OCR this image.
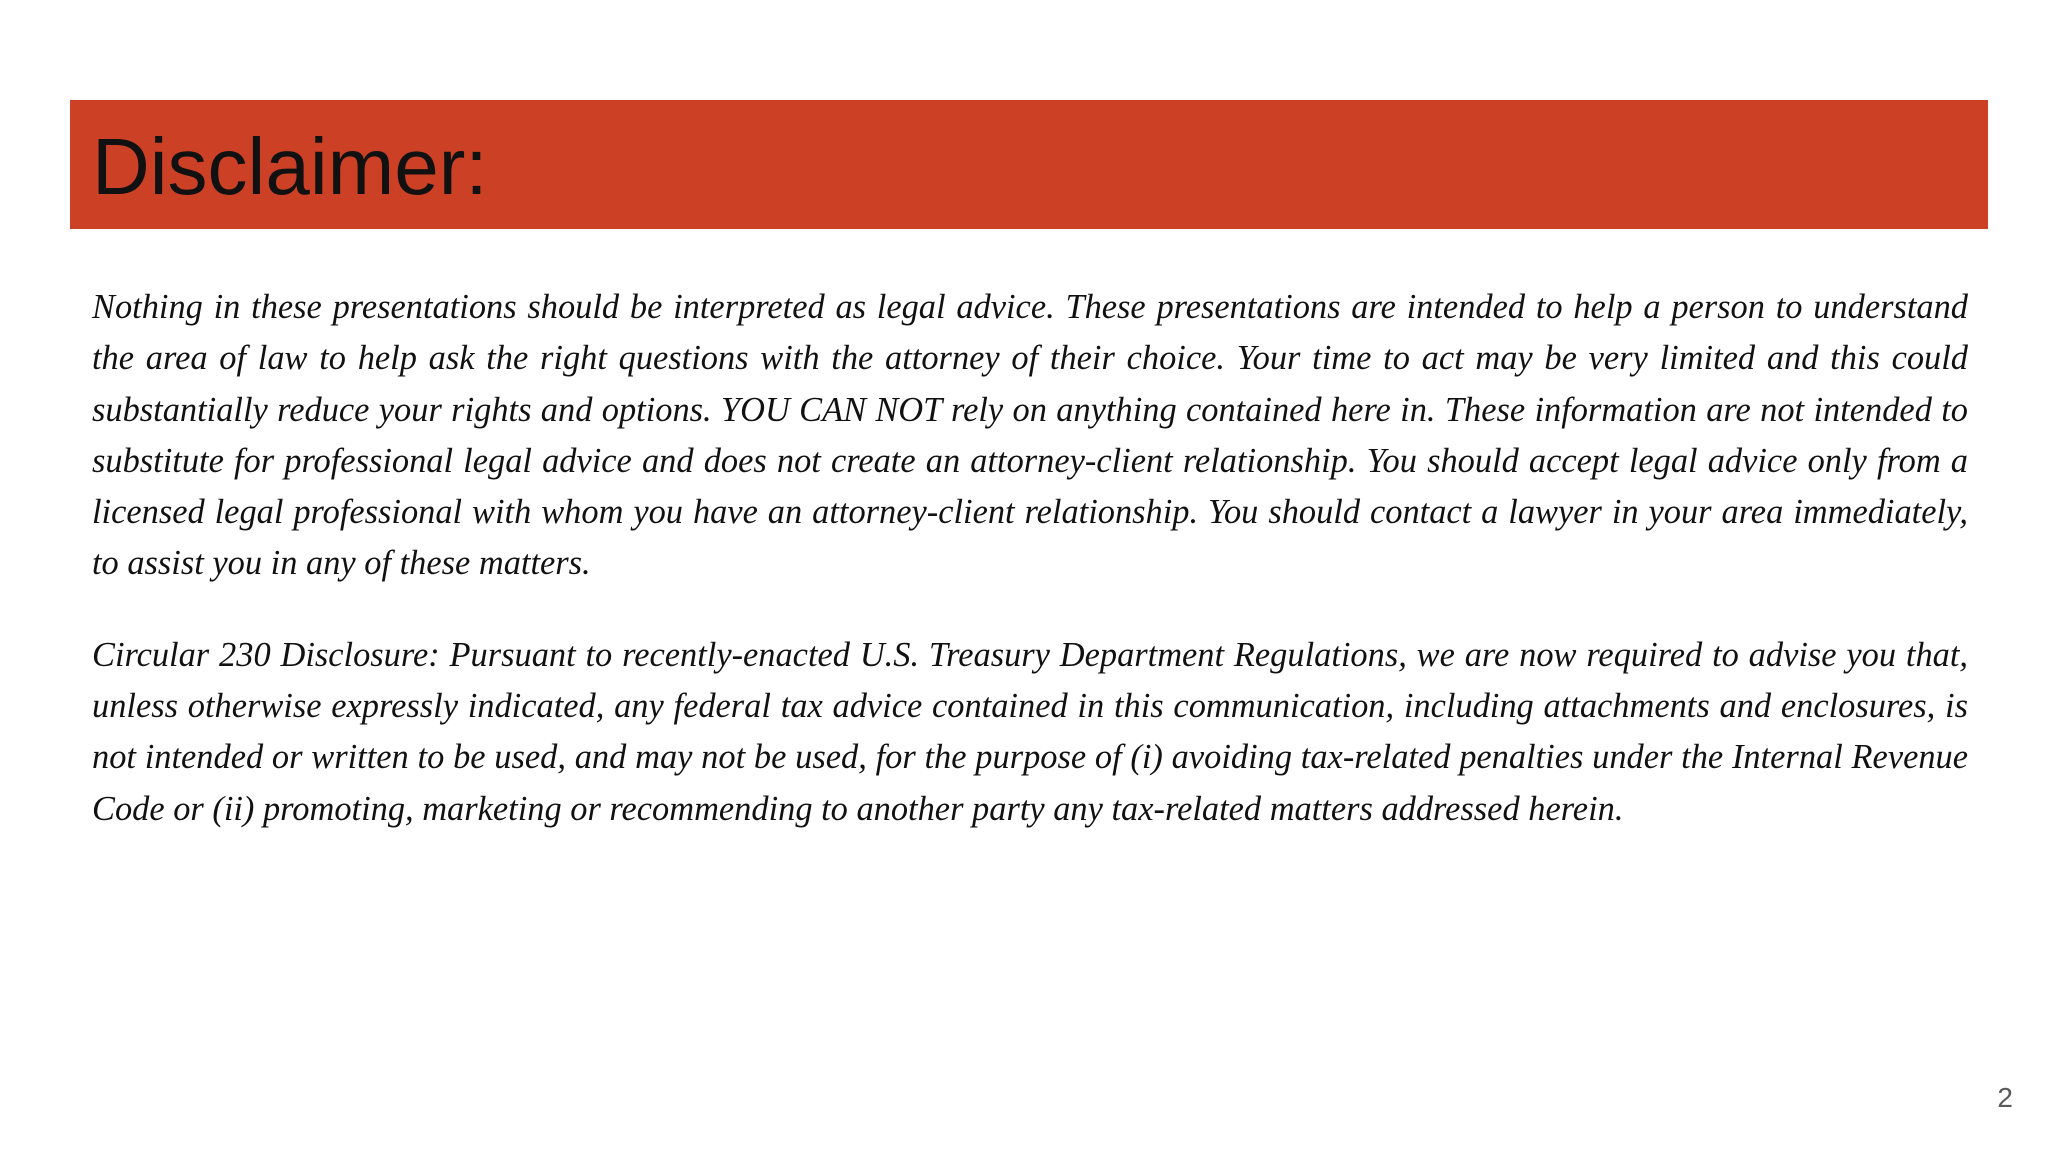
Disclaimer:

Nothing in these presentations should be interpreted as legal advice. These presentations are intended to help a person to understand the area of law to help ask the right questions with the attorney of their choice. Your time to act may be very limited and this could substantially reduce your rights and options. YOU CAN NOT rely on anything contained here in. These information are not intended to substitute for professional legal advice and does not create an attorney-client relationship. You should accept legal advice only from a licensed legal professional with whom you have an attorney-client relationship. You should contact a lawyer in your area immediately, to assist you in any of these matters.

Circular 230 Disclosure: Pursuant to recently-enacted U.S. Treasury Department Regulations, we are now required to advise you that, unless otherwise expressly indicated, any federal tax advice contained in this communication, including attachments and enclosures, is not intended or written to be used, and may not be used, for the purpose of (i) avoiding tax-related penalties under the Internal Revenue Code or (ii) promoting, marketing or recommending to another party any tax-related matters addressed herein.

2
